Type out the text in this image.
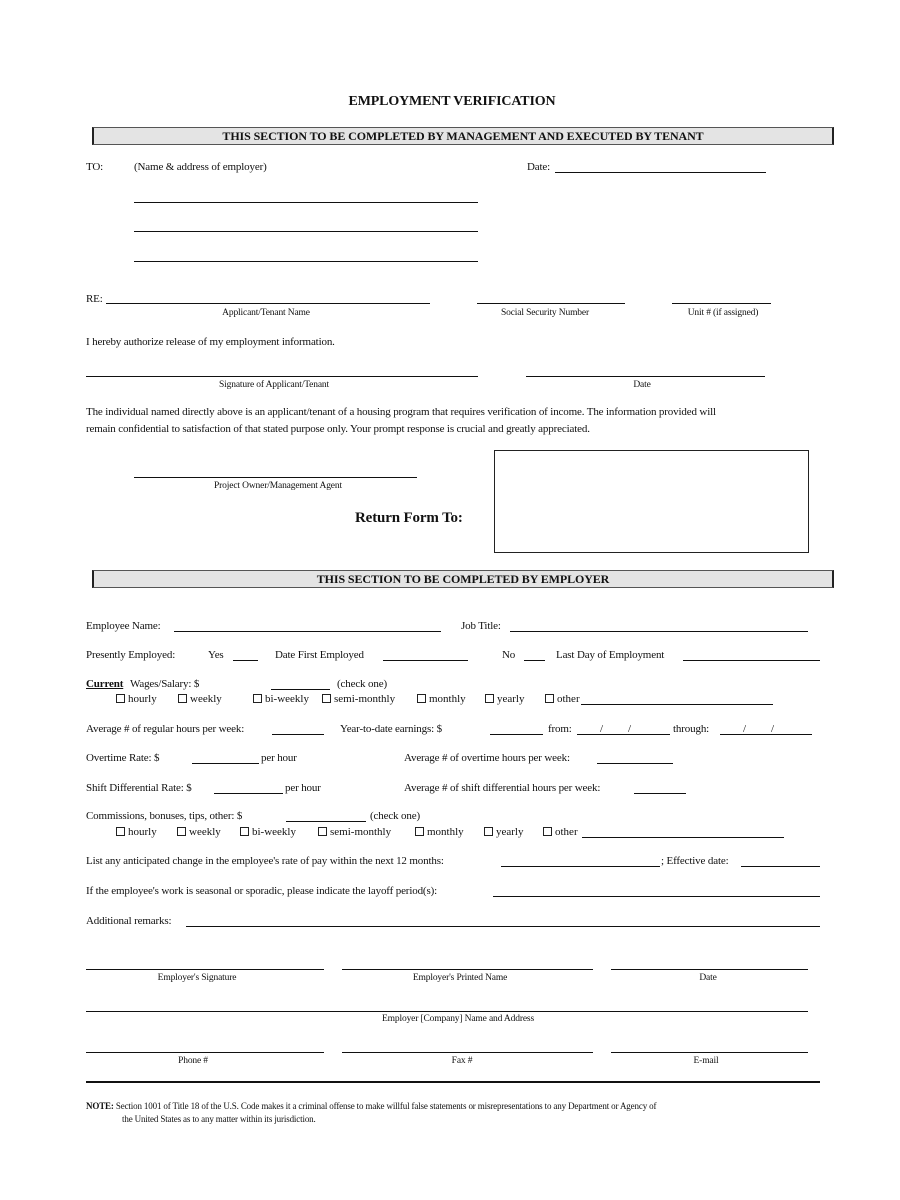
EMPLOYMENT VERIFICATION
THIS SECTION TO BE COMPLETED BY MANAGEMENT AND EXECUTED BY TENANT
TO:	(Name & address of employer)	Date:
RE:
Applicant/Tenant Name	Social Security Number	Unit # (if assigned)
I hereby authorize release of my employment information.
Signature of Applicant/Tenant	Date
The individual named directly above is an applicant/tenant of a housing program that requires verification of income. The information provided will
remain confidential to satisfaction of that stated purpose only. Your prompt response is crucial and greatly appreciated.
Project Owner/Management Agent
Return Form To:
THIS SECTION TO BE COMPLETED BY EMPLOYER
Employee Name:	Job Title:
Presently Employed:	Yes	Date First Employed	No	Last Day of Employment
Current Wages/Salary: $	(check one)
hourly	weekly	bi-weekly	semi-monthly	monthly	yearly	other
Average # of regular hours per week:	Year-to-date earnings: $	from:	/ /	through:	/ /
Overtime Rate: $	per hour	Average # of overtime hours per week:
Shift Differential Rate: $	per hour	Average # of shift differential hours per week:
Commissions, bonuses, tips, other: $	(check one)
hourly	weekly	bi-weekly	semi-monthly	monthly	yearly	other
List any anticipated change in the employee's rate of pay within the next 12 months:	; Effective date:
If the employee's work is seasonal or sporadic, please indicate the layoff period(s):
Additional remarks:
Employer's Signature	Employer's Printed Name	Date
Employer [Company] Name and Address
Phone #	Fax #	E-mail
NOTE: Section 1001 of Title 18 of the U.S. Code makes it a criminal offense to make willful false statements or misrepresentations to any Department or Agency of
the United States as to any matter within its jurisdiction.
